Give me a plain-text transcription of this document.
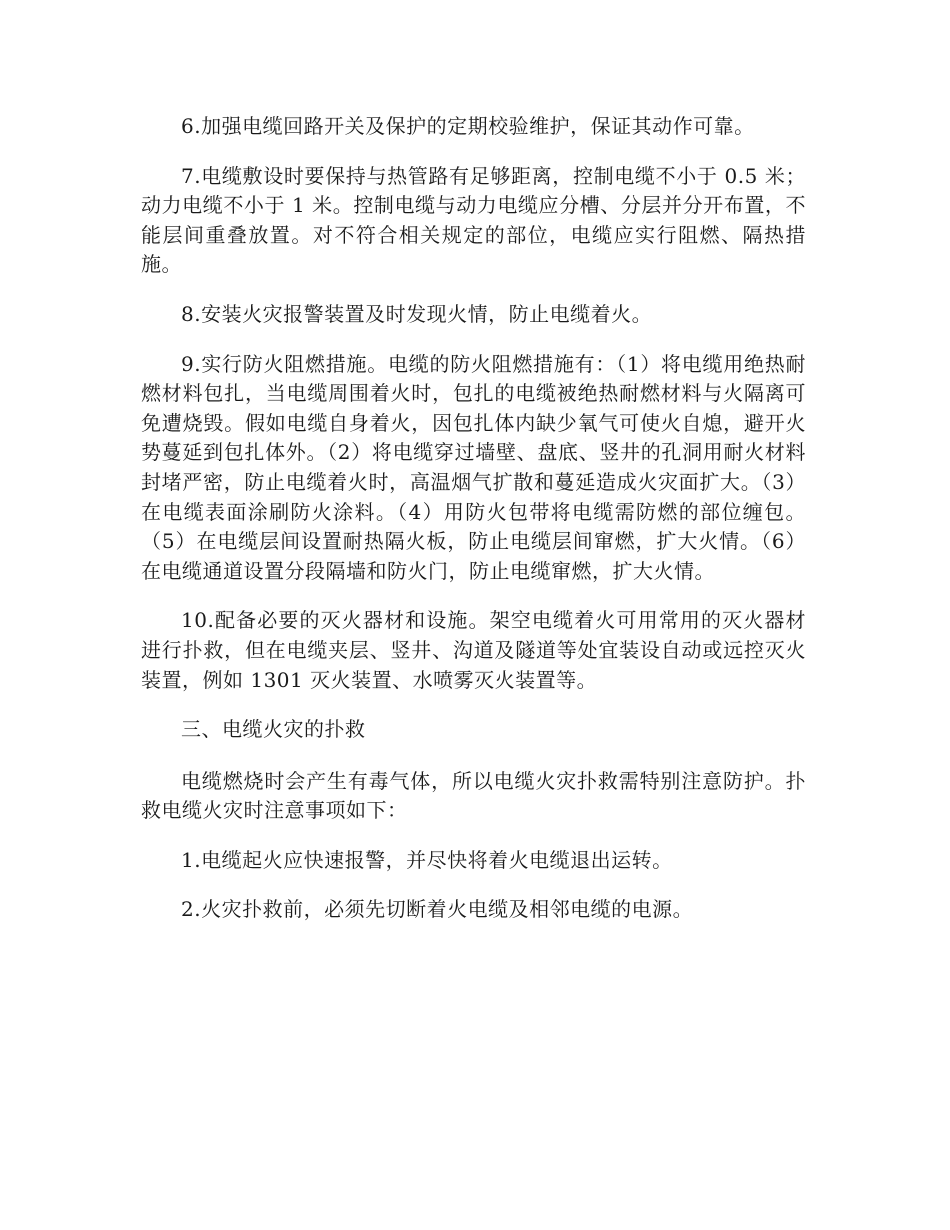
6.加强电缆回路开关及保护的定期校验维护，保证其动作可靠。

7.电缆敷设时要保持与热管路有足够距离，控制电缆不小于 0.5 米；动力电缆不小于 1 米。控制电缆与动力电缆应分槽、分层并分开布置，不能层间重叠放置。对不符合相关规定的部位，电缆应实行阻燃、隔热措施。

8.安装火灾报警装置及时发现火情，防止电缆着火。

9.实行防火阻燃措施。电缆的防火阻燃措施有：（1）将电缆用绝热耐燃材料包扎，当电缆周围着火时，包扎的电缆被绝热耐燃材料与火隔离可免遭烧毁。假如电缆自身着火，因包扎体内缺少氧气可使火自熄，避开火势蔓延到包扎体外。（2）将电缆穿过墙壁、盘底、竖井的孔洞用耐火材料封堵严密，防止电缆着火时，高温烟气扩散和蔓延造成火灾面扩大。（3）在电缆表面涂刷防火涂料。（4）用防火包带将电缆需防燃的部位缠包。（5）在电缆层间设置耐热隔火板，防止电缆层间窜燃，扩大火情。（6）在电缆通道设置分段隔墙和防火门，防止电缆窜燃，扩大火情。

10.配备必要的灭火器材和设施。架空电缆着火可用常用的灭火器材进行扑救，但在电缆夹层、竖井、沟道及隧道等处宜装设自动或远控灭火装置，例如 1301 灭火装置、水喷雾灭火装置等。

三、电缆火灾的扑救

电缆燃烧时会产生有毒气体，所以电缆火灾扑救需特别注意防护。扑救电缆火灾时注意事项如下：

1.电缆起火应快速报警，并尽快将着火电缆退出运转。

2.火灾扑救前，必须先切断着火电缆及相邻电缆的电源。
